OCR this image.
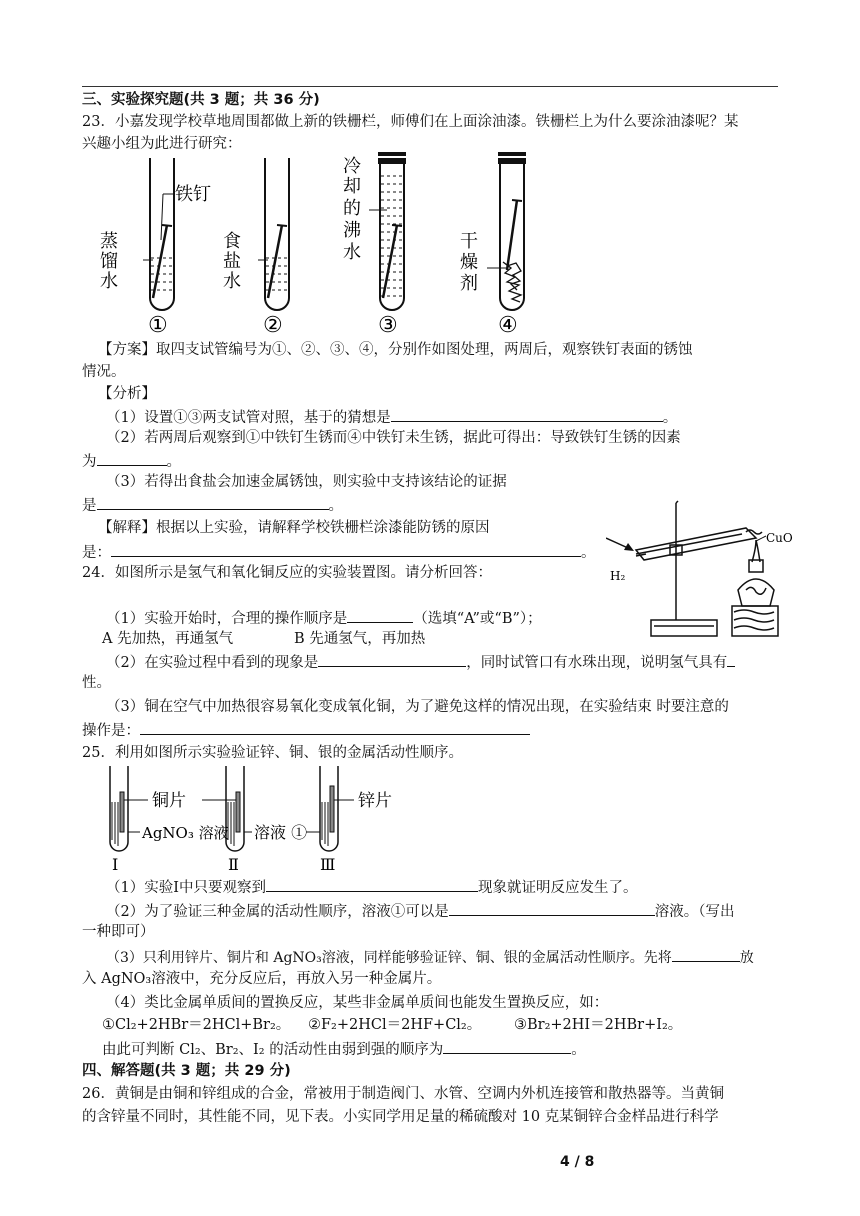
三、实验探究题(共 3 题；共 36 分)
23．小嘉发现学校草地周围都做上新的铁栅栏，师傅们在上面涂油漆。铁栅栏上为什么要涂油漆呢？某
兴趣小组为此进行研究：
铁钉
蒸
馏
水
食
盐
水
冷
却
的
沸
水
干
燥
剂
①	②	③	④
【方案】取四支试管编号为①、②、③、④，分别作如图处理，两周后，观察铁钉表面的锈蚀
情况。
【分析】
（1）设置①③两支试管对照，基于的猜想是	。
（2）若两周后观察到①中铁钉生锈而④中铁钉未生锈，据此可得出：导致铁钉生锈的因素
为	。
（3）若得出食盐会加速金属锈蚀，则实验中支持该结论的证据
是	。
【解释】根据以上实验，请解释学校铁栅栏涂漆能防锈的原因
是：	。
CuO
H₂
24．如图所示是氢气和氧化铜反应的实验装置图。请分析回答：
（1）实验开始时，合理的操作顺序是	（选填“A”或“B”）；
A 先加热，再通氢气	B 先通氢气，再加热
（2）在实验过程中看到的现象是	，同时试管口有水珠出现，说明氢气具有
性。
（3）铜在空气中加热很容易氧化变成氧化铜，为了避免这样的情况出现，在实验结束 时要注意的
操作是：
25．利用如图所示实验验证锌、铜、银的金属活动性顺序。
铜片	锌片
AgNO₃ 溶液 溶液 ①
Ⅰ	Ⅱ	Ⅲ
（1）实验Ⅰ中只要观察到	现象就证明反应发生了。
（2）为了验证三种金属的活动性顺序，溶液①可以是	溶液。（写出
一种即可）
（3）只利用锌片、铜片和 AgNO₃溶液，同样能够验证锌、铜、银的金属活动性顺序。先将	放
入 AgNO₃溶液中，充分反应后，再放入另一种金属片。
（4）类比金属单质间的置换反应，某些非金属单质间也能发生置换反应，如：
①Cl₂+2HBr＝2HCl+Br₂。 ②F₂+2HCl＝2HF+Cl₂。 ③Br₂+2HI＝2HBr+I₂。
由此可判断 Cl₂、Br₂、I₂ 的活动性由弱到强的顺序为	。
四、解答题(共 3 题；共 29 分)
26．黄铜是由铜和锌组成的合金，常被用于制造阀门、水管、空调内外机连接管和散热器等。当黄铜
的含锌量不同时，其性能不同，见下表。小实同学用足量的稀硫酸对 10 克某铜锌合金样品进行科学
4 / 8
